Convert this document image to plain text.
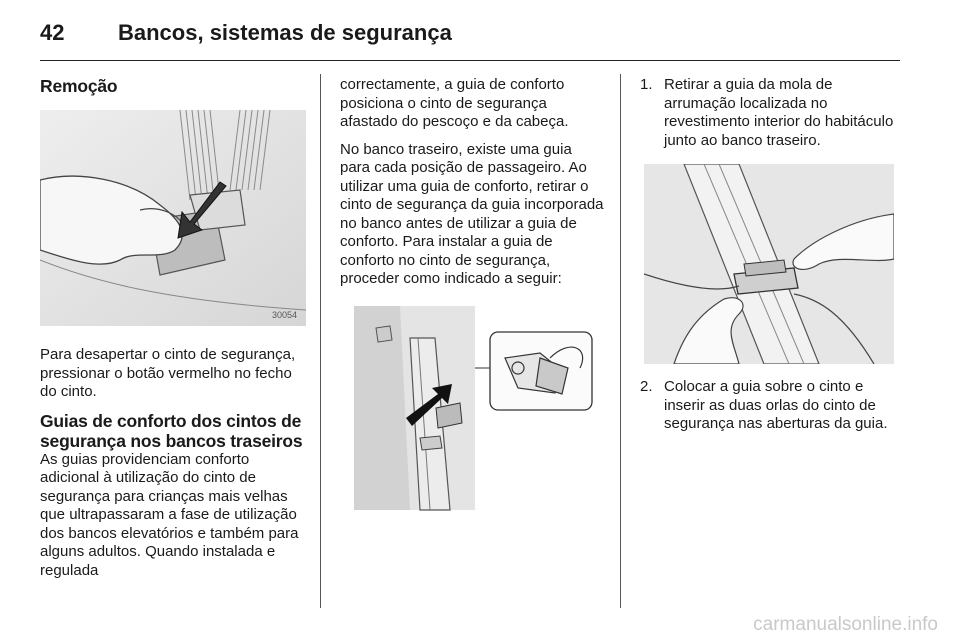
42 Bancos, sistemas de segurança
Remoção
30054

Para desapertar o cinto de segurança, pressionar o botão vermelho no fecho do cinto.

Guias de conforto dos cintos de segurança nos bancos traseiros

As guias providenciam conforto adicional à utilização do cinto de segurança para crianças mais velhas que ultrapassaram a fase de utilização dos bancos elevatórios e também para alguns adultos. Quando instalada e regulada

correctamente, a guia de conforto posiciona o cinto de segurança afastado do pescoço e da cabeça.

No banco traseiro, existe uma guia para cada posição de passageiro. Ao utilizar uma guia de conforto, retirar o cinto de segurança da guia incorporada no banco antes de utilizar a guia de conforto. Para instalar a guia de conforto no cinto de segurança, proceder como indicado a seguir:

1. Retirar a guia da mola de arrumação localizada no revestimento interior do habitáculo junto ao banco traseiro.
2. Colocar a guia sobre o cinto e inserir as duas orlas do cinto de segurança nas aberturas da guia.
carmanualsonline.info
